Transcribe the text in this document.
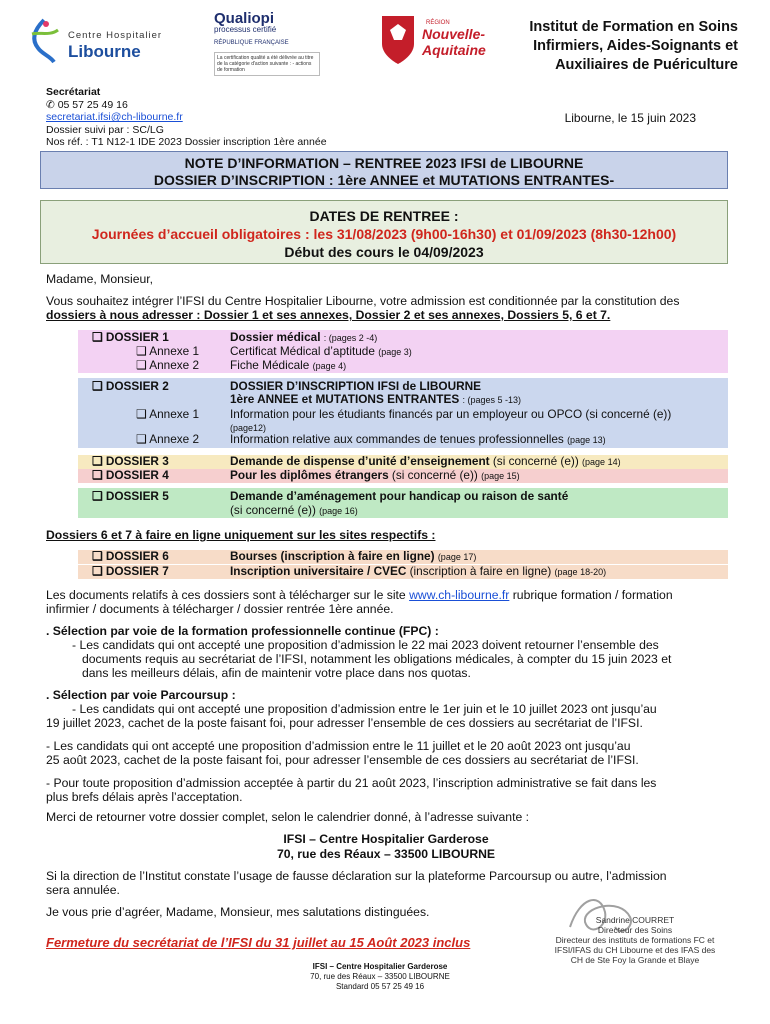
Centre Hospitalier
Libourne
Qualiopi
processus certifié
RÉPUBLIQUE FRANÇAISE
La certification qualité a été délivrée au titre de la catégorie d'action suivante : - actions de formation
RÉGION
Nouvelle-
Aquitaine
Institut de Formation en Soins
Infirmiers, Aides-Soignants et
Auxiliaires de Puériculture
Secrétariat
✆ 05 57 25 49 16
secretariat.ifsi@ch-libourne.fr
Dossier suivi par : SC/LG
Nos réf. : T1 N12-1 IDE 2023 Dossier inscription 1ère année
Libourne, le 15 juin 2023
NOTE D’INFORMATION – RENTREE 2023 IFSI de LIBOURNE
DOSSIER D’INSCRIPTION : 1ère ANNEE et MUTATIONS ENTRANTES-
DATES DE RENTREE :
Journées d’accueil obligatoires : les 31/08/2023 (9h00-16h30) et 01/09/2023 (8h30-12h00)
Début des cours le 04/09/2023
Madame, Monsieur,
Vous souhaitez intégrer l’IFSI du Centre Hospitalier Libourne, votre admission est conditionnée par la constitution des
dossiers à nous adresser : Dossier 1 et ses annexes, Dossier 2 et ses annexes, Dossiers 5, 6 et 7.
❑ DOSSIER 1	Dossier médical : (pages 2 -4)
❑ Annexe 1	Certificat Médical d’aptitude (page 3)
❑ Annexe 2	Fiche Médicale (page 4)
❑ DOSSIER 2	DOSSIER D’INSCRIPTION IFSI de LIBOURNE
1ère ANNEE et MUTATIONS ENTRANTES : (pages 5 -13)
❑ Annexe 1	Information pour les étudiants financés par un employeur ou OPCO (si concerné (e))
(page12)
❑ Annexe 2	Information relative aux commandes de tenues professionnelles (page 13)
❑ DOSSIER 3	Demande de dispense d’unité d’enseignement (si concerné (e)) (page 14)
❑ DOSSIER 4	Pour les diplômes étrangers (si concerné (e)) (page 15)
❑ DOSSIER 5	Demande d’aménagement pour handicap ou raison de santé
(si concerné (e)) (page 16)
Dossiers 6 et 7 à faire en ligne uniquement sur les sites respectifs :
❑ DOSSIER 6	Bourses (inscription à faire en ligne) (page 17)
❑ DOSSIER 7	Inscription universitaire / CVEC (inscription à faire en ligne) (page 18-20)
Les documents relatifs à ces dossiers sont à télécharger sur le site www.ch-libourne.fr rubrique formation / formation
infirmier / documents à télécharger / dossier rentrée 1ère année.
. Sélection par voie de la formation professionnelle continue (FPC) :
- Les candidats qui ont accepté une proposition d’admission le 22 mai 2023 doivent retourner l’ensemble des
documents requis au secrétariat de l’IFSI, notamment les obligations médicales, à compter du 15 juin 2023 et
dans les meilleurs délais, afin de maintenir votre place dans nos quotas.
. Sélection par voie Parcoursup :
- Les candidats qui ont accepté une proposition d’admission entre le 1er juin et le 10 juillet 2023 ont jusqu’au
19 juillet 2023, cachet de la poste faisant foi, pour adresser l’ensemble de ces dossiers au secrétariat de l’IFSI.
- Les candidats qui ont accepté une proposition d’admission entre le 11 juillet et le 20 août 2023 ont jusqu’au
25 août 2023, cachet de la poste faisant foi, pour adresser l’ensemble de ces dossiers au secrétariat de l’IFSI.
- Pour toute proposition d’admission acceptée à partir du 21 août 2023, l’inscription administrative se fait dans les
plus brefs délais après l’acceptation.
Merci de retourner votre dossier complet, selon le calendrier donné, à l’adresse suivante :
IFSI – Centre Hospitalier Garderose
70, rue des Réaux – 33500 LIBOURNE
Si la direction de l’Institut constate l’usage de fausse déclaration sur la plateforme Parcoursup ou autre, l’admission
sera annulée.
Je vous prie d’agréer, Madame, Monsieur, mes salutations distinguées.
Sandrine COURRET
Directeur des Soins
Directeur des instituts de formations FC et
IFSI/IFAS du CH Libourne et des IFAS des
CH de Ste Foy la Grande et Blaye
Fermeture du secrétariat de l’IFSI du 31 juillet au 15 Août 2023 inclus
IFSI – Centre Hospitalier Garderose
70, rue des Réaux – 33500 LIBOURNE
Standard 05 57 25 49 16
